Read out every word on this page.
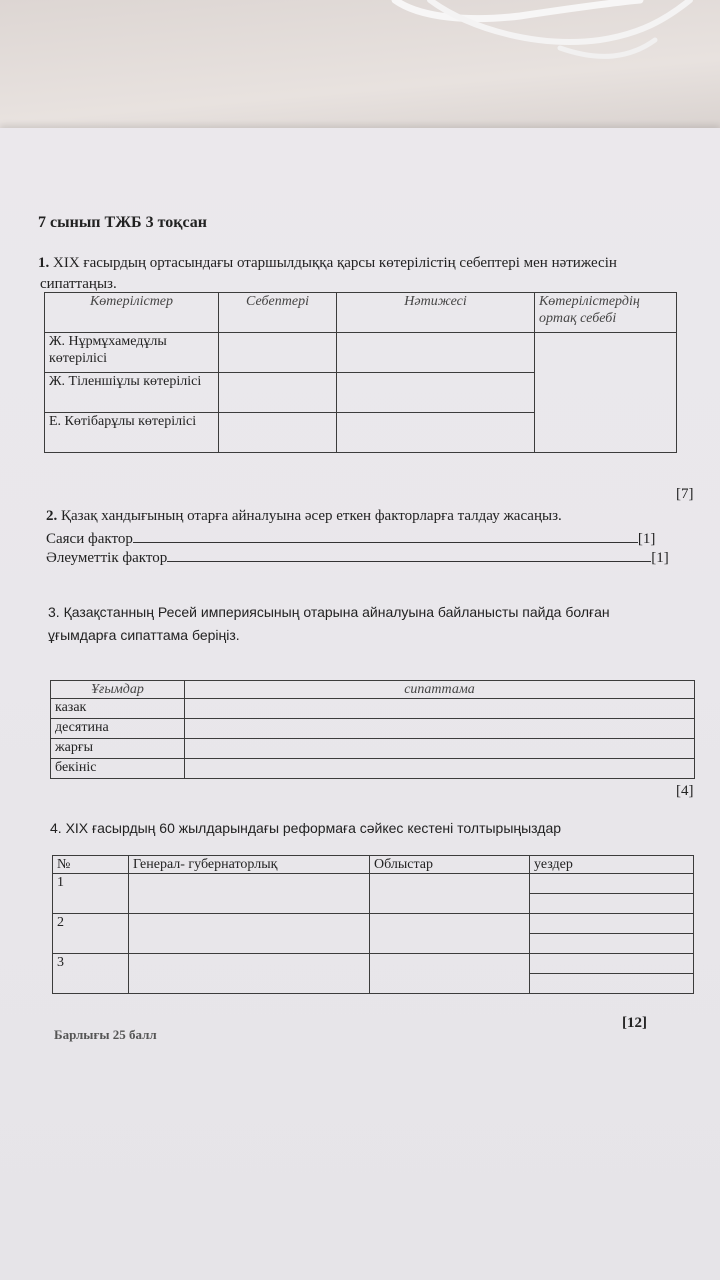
7 сынып ТЖБ 3 тоқсан
1. XIX ғасырдың ортасындағы отаршылдыққа қарсы көтерілістің себептері мен нәтижесін
сипаттаңыз.
Көтерілістер	Себептері	Нәтижесі	Көтерілістердің ортақ себебі
Ж. Нұрмұхамедұлы көтерілісі			
Ж. Тіленшіұлы көтерілісі			
Е. Көтібарұлы көтерілісі			
[7]
2. Қазақ хандығының отарға айналуына әсер еткен факторларға талдау жасаңыз.
Саяси фактор	[1]
Әлеуметтік фактор	[1]
3. Қазақстанның Ресей империясының отарына айналуына байланысты пайда болған
ұғымдарға сипаттама беріңіз.
Ұғымдар	сипаттама
казак	
десятина	
жарғы	
бекініс	
[4]
4. XIX ғасырдың 60 жылдарындағы реформаға сәйкес кестені толтырыңыздар
№	Генерал- губернаторлық	Облыстар	уездер
1			

2			

3			

Барлығы 25 балл
[12]
